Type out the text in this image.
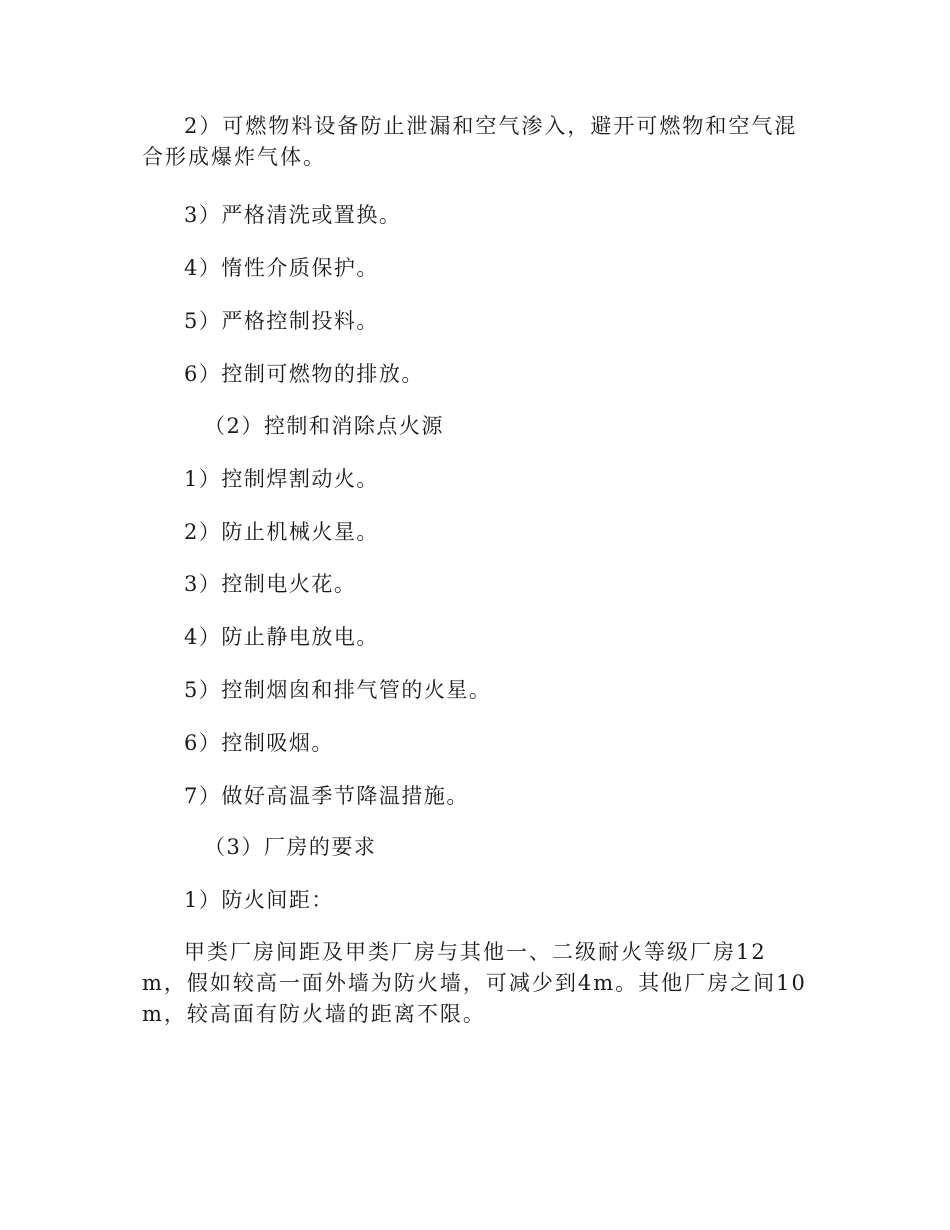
2）可燃物料设备防止泄漏和空气渗入，避开可燃物和空气混合形成爆炸气体。
3）严格清洗或置换。
4）惰性介质保护。
5）严格控制投料。
6）控制可燃物的排放。
（2）控制和消除点火源
1）控制焊割动火。
2）防止机械火星。
3）控制电火花。
4）防止静电放电。
5）控制烟囱和排气管的火星。
6）控制吸烟。
7）做好高温季节降温措施。
（3）厂房的要求
1）防火间距：
甲类厂房间距及甲类厂房与其他一、二级耐火等级厂房12m，假如较高一面外墙为防火墙，可减少到4m。其他厂房之间10m，较高面有防火墙的距离不限。
